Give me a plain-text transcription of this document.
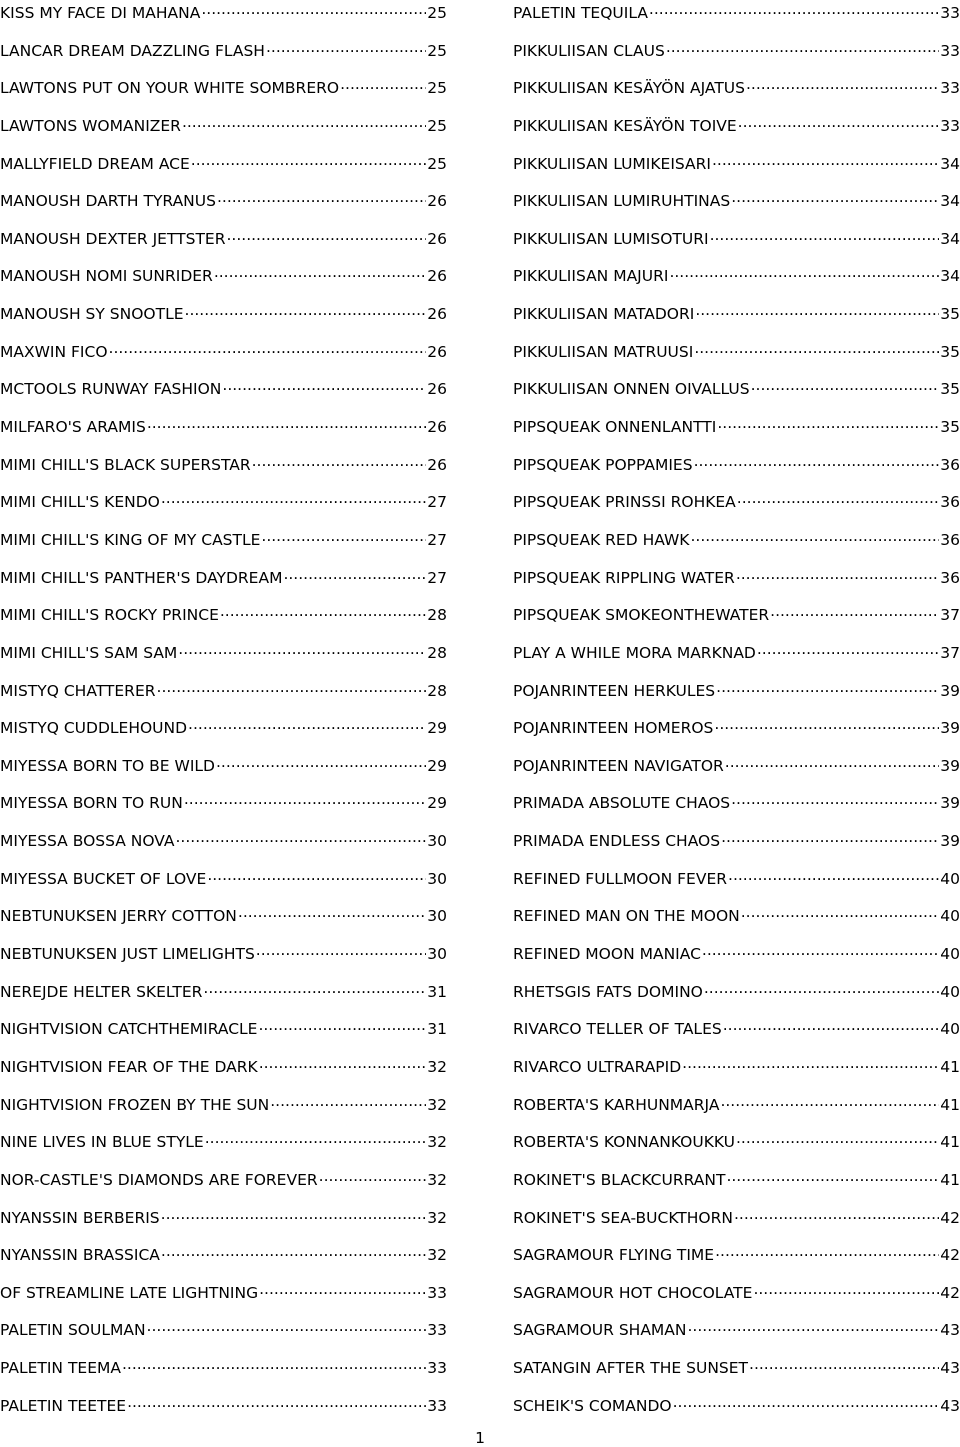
KISS MY FACE DI MAHANA .....	25
LANCAR DREAM DAZZLING FLASH .....	25
LAWTONS PUT ON YOUR WHITE SOMBRERO .....	25
LAWTONS WOMANIZER .....	25
MALLYFIELD DREAM ACE .....	25
MANOUSH DARTH TYRANUS .....	26
MANOUSH DEXTER JETTSTER .....	26
MANOUSH NOMI SUNRIDER .....	26
MANOUSH SY SNOOTLE .....	26
MAXWIN FICO .....	26
MCTOOLS RUNWAY FASHION .....	26
MILFARO'S ARAMIS .....	26
MIMI CHILL'S BLACK SUPERSTAR .....	26
MIMI CHILL'S KENDO .....	27
MIMI CHILL'S KING OF MY CASTLE .....	27
MIMI CHILL'S PANTHER'S DAYDREAM .....	27
MIMI CHILL'S ROCKY PRINCE .....	28
MIMI CHILL'S SAM SAM .....	28
MISTYQ CHATTERER .....	28
MISTYQ CUDDLEHOUND .....	29
MIYESSA BORN TO BE WILD .....	29
MIYESSA BORN TO RUN .....	29
MIYESSA BOSSA NOVA .....	30
MIYESSA BUCKET OF LOVE .....	30
NEBTUNUKSEN JERRY COTTON .....	30
NEBTUNUKSEN JUST LIMELIGHTS .....	30
NEREJDE HELTER SKELTER .....	31
NIGHTVISION CATCHTHEMIRACLE .....	31
NIGHTVISION FEAR OF THE DARK .....	32
NIGHTVISION FROZEN BY THE SUN .....	32
NINE LIVES IN BLUE STYLE .....	32
NOR-CASTLE'S DIAMONDS ARE FOREVER .....	32
NYANSSIN BERBERIS .....	32
NYANSSIN BRASSICA .....	32
OF STREAMLINE LATE LIGHTNING .....	33
PALETIN SOULMAN .....	33
PALETIN TEEMA .....	33
PALETIN TEETEE .....	33
PALETIN TEQUILA .....	33
PIKKULIISAN CLAUS .....	33
PIKKULIISAN KESÄYÖN AJATUS .....	33
PIKKULIISAN KESÄYÖN TOIVE .....	33
PIKKULIISAN LUMIKEISARI .....	34
PIKKULIISAN LUMIRUHTINAS .....	34
PIKKULIISAN LUMISOTURI .....	34
PIKKULIISAN MAJURI .....	34
PIKKULIISAN MATADORI .....	35
PIKKULIISAN MATRUUSI .....	35
PIKKULIISAN ONNEN OIVALLUS .....	35
PIPSQUEAK ONNENLANTTI .....	35
PIPSQUEAK POPPAMIES .....	36
PIPSQUEAK PRINSSI ROHKEA .....	36
PIPSQUEAK RED HAWK .....	36
PIPSQUEAK RIPPLING WATER .....	36
PIPSQUEAK SMOKEONTHEWATER .....	37
PLAY A WHILE MORA MARKNAD .....	37
POJANRINTEEN HERKULES .....	39
POJANRINTEEN HOMEROS .....	39
POJANRINTEEN NAVIGATOR .....	39
PRIMADA ABSOLUTE CHAOS .....	39
PRIMADA ENDLESS CHAOS .....	39
REFINED FULLMOON FEVER .....	40
REFINED MAN ON THE MOON .....	40
REFINED MOON MANIAC .....	40
RHETSGIS FATS DOMINO .....	40
RIVARCO TELLER OF TALES .....	40
RIVARCO ULTRARAPID .....	41
ROBERTA'S KARHUNMARJA .....	41
ROBERTA'S KONNANKOUKKU .....	41
ROKINET'S BLACKCURRANT .....	41
ROKINET'S SEA-BUCKTHORN .....	42
SAGRAMOUR FLYING TIME .....	42
SAGRAMOUR HOT CHOCOLATE .....	42
SAGRAMOUR SHAMAN .....	43
SATANGIN AFTER THE SUNSET .....	43
SCHEIK'S COMANDO .....	43
1
